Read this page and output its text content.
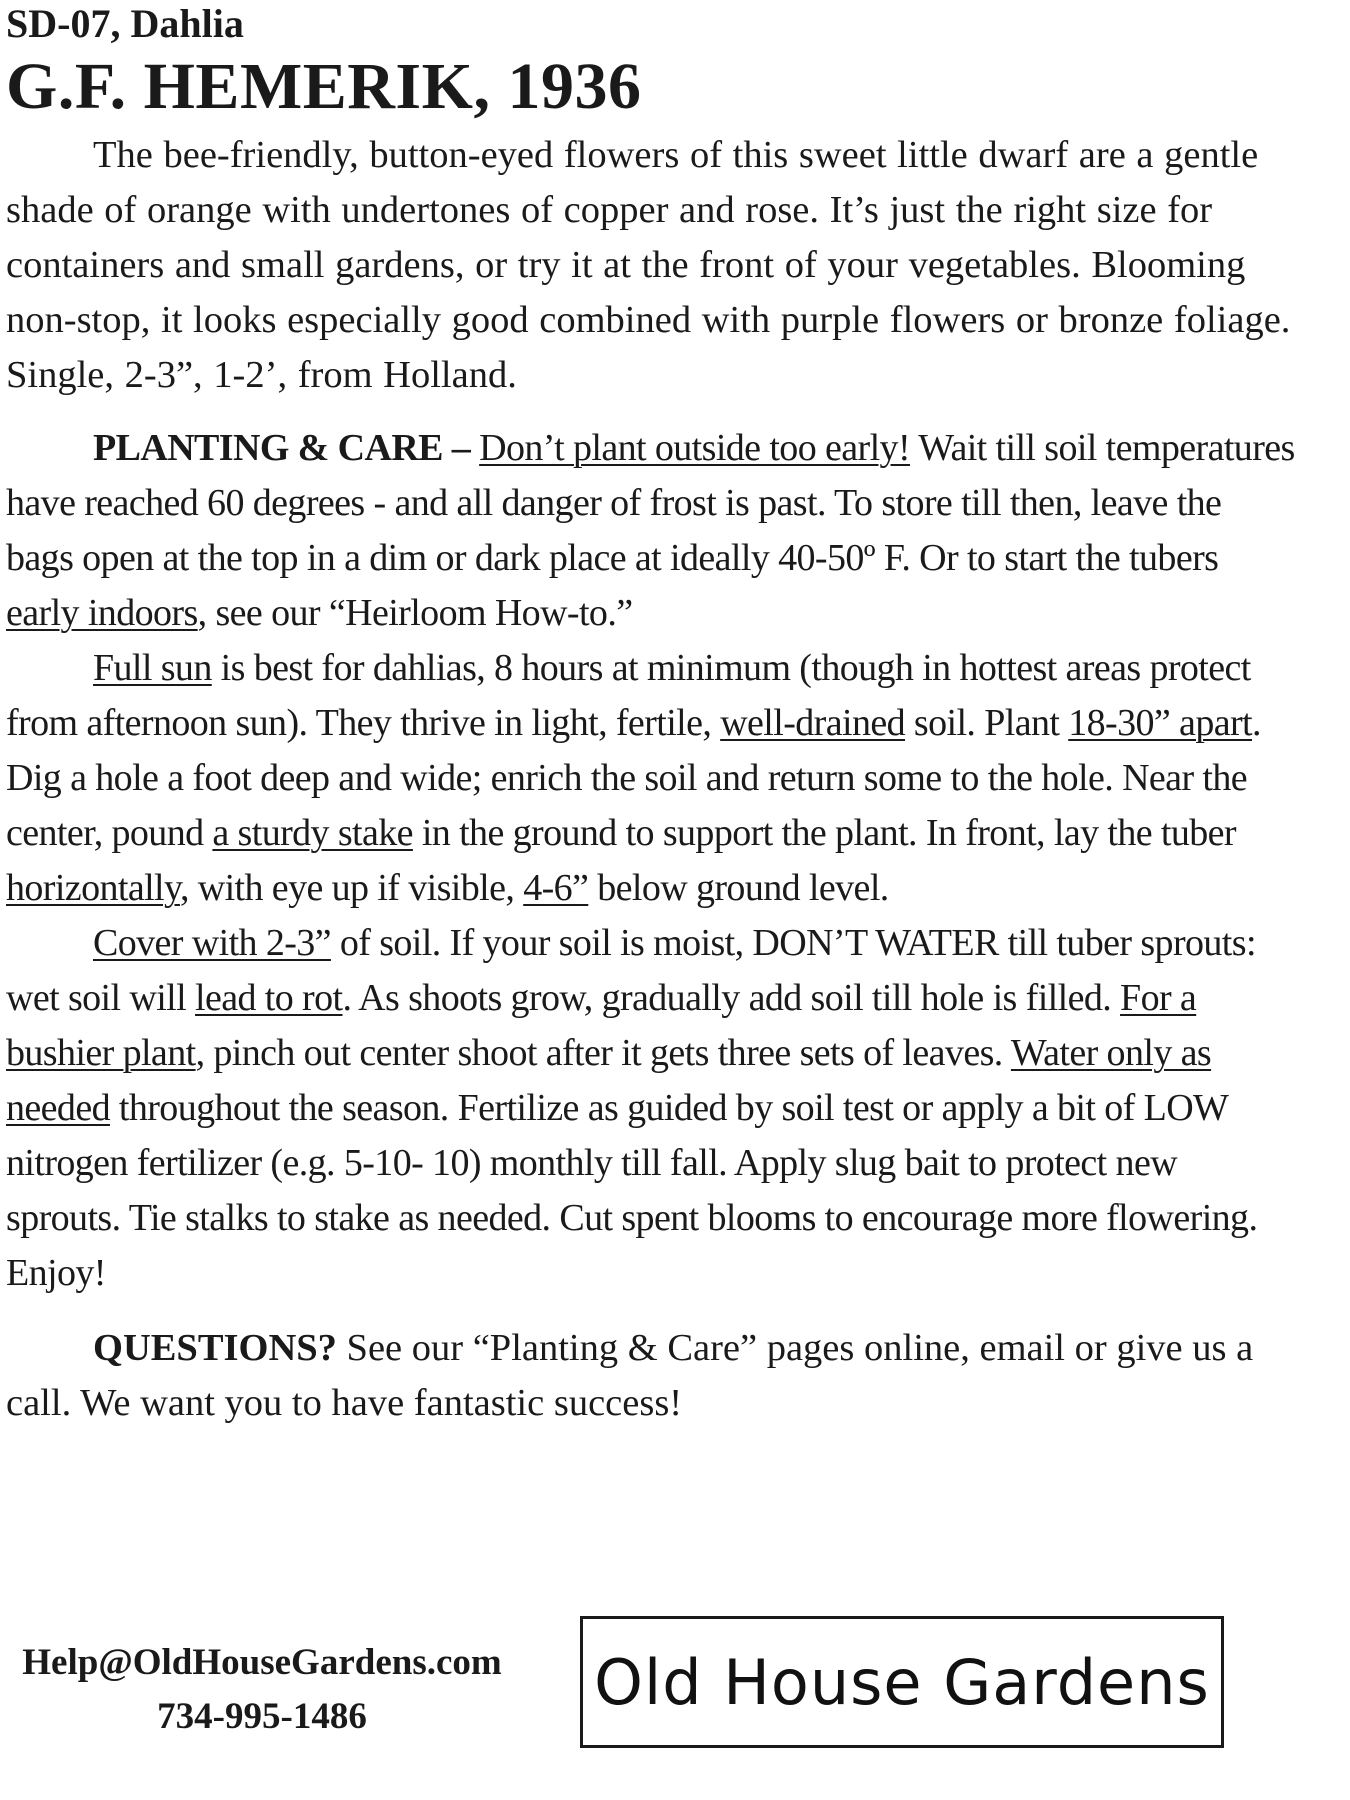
SD-07, Dahlia

G.F. HEMERIK, 1936

The bee-friendly, button-eyed flowers of this sweet little dwarf are a gentle shade of orange with undertones of copper and rose. It’s just the right size for containers and small gardens, or try it at the front of your vegetables. Blooming non-stop, it looks especially good combined with purple flowers or bronze foliage. Single, 2-3”, 1-2’, from Holland.

PLANTING & CARE – Don’t plant outside too early! Wait till soil temperatures have reached 60 degrees - and all danger of frost is past. To store till then, leave the bags open at the top in a dim or dark place at ideally 40-50º F. Or to start the tubers early indoors, see our “Heirloom How-to.”

Full sun is best for dahlias, 8 hours at minimum (though in hottest areas protect from afternoon sun). They thrive in light, fertile, well-drained soil. Plant 18-30” apart. Dig a hole a foot deep and wide; enrich the soil and return some to the hole. Near the center, pound a sturdy stake in the ground to support the plant. In front, lay the tuber horizontally, with eye up if visible, 4-6” below ground level.

Cover with 2-3” of soil. If your soil is moist, DON’T WATER till tuber sprouts: wet soil will lead to rot. As shoots grow, gradually add soil till hole is filled. For a bushier plant, pinch out center shoot after it gets three sets of leaves. Water only as needed throughout the season. Fertilize as guided by soil test or apply a bit of LOW nitrogen fertilizer (e.g. 5-10- 10) monthly till fall. Apply slug bait to protect new sprouts. Tie stalks to stake as needed. Cut spent blooms to encourage more flowering. Enjoy!

QUESTIONS? See our “Planting & Care” pages online, email or give us a call. We want you to have fantastic success!

Help@OldHouseGardens.com
734-995-1486	Old House Gardens
